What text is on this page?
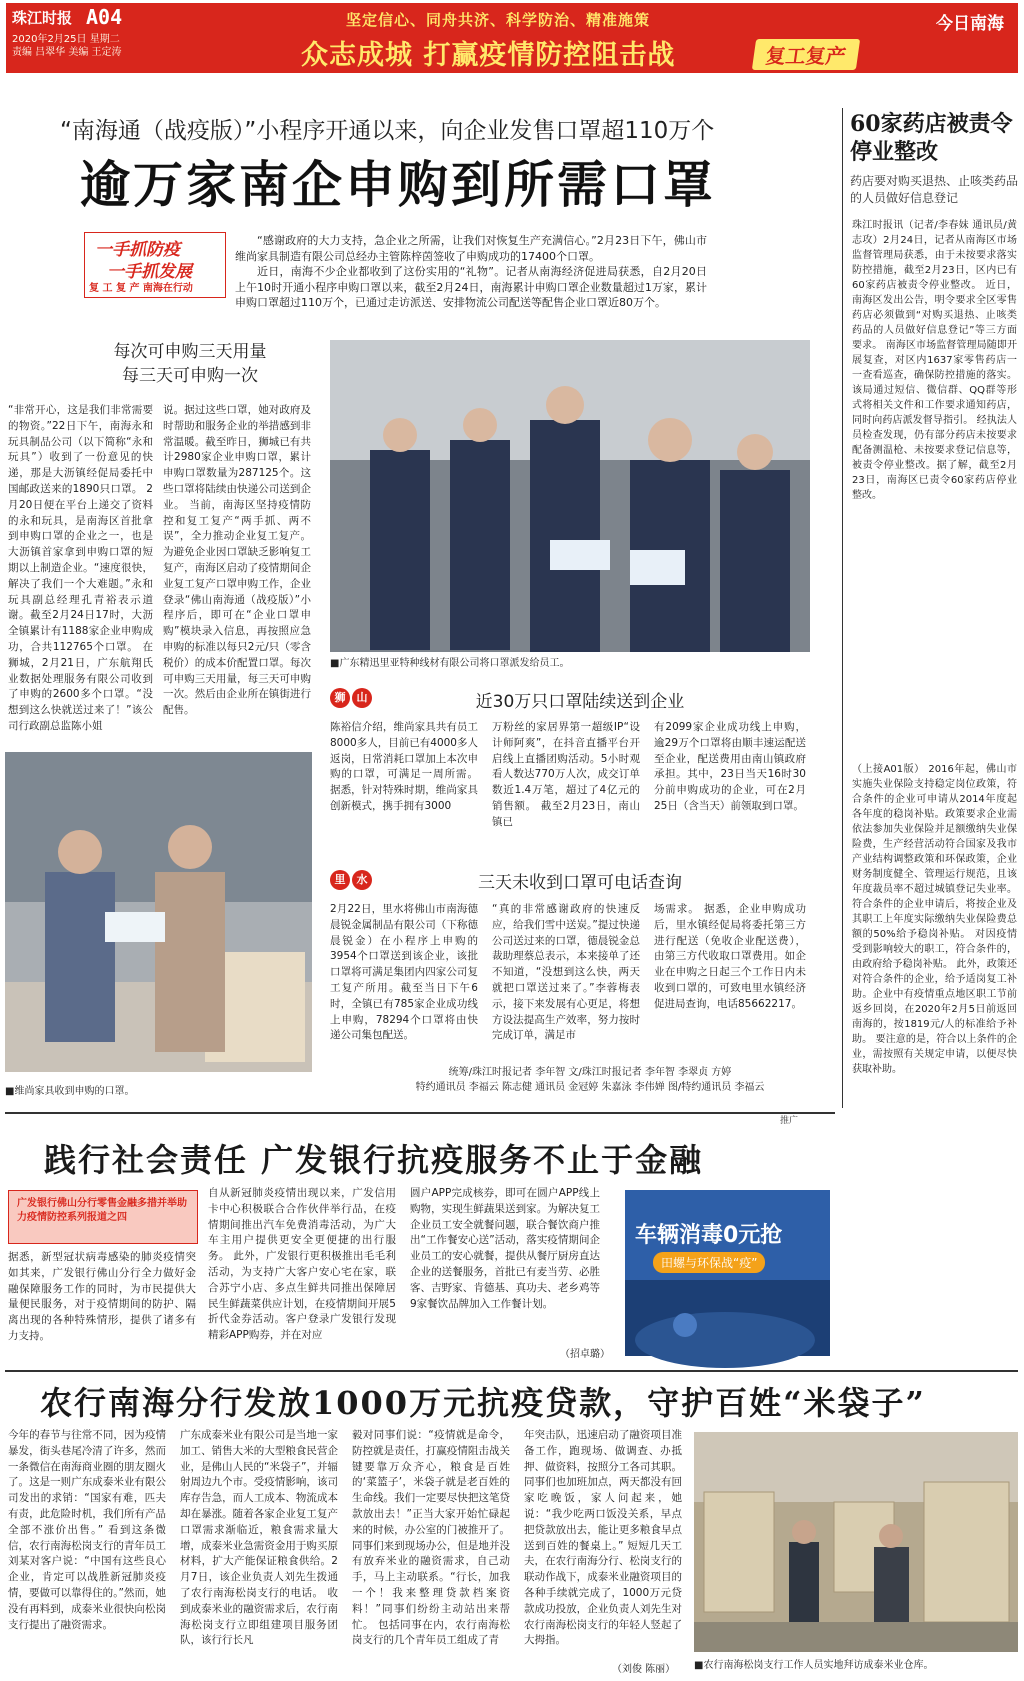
珠江时报 A04
2020年2月25日 星期二
责编 吕翠华 美编 王定涛
坚定信心、同舟共济、科学防治、精准施策
众志成城 打赢疫情防控阻击战	复工复产
今日南海
“南海通（战疫版）”小程序开通以来，向企业发售口罩超110万个
逾万家南企申购到所需口罩
60家药店被责令停业整改
药店要对购买退热、止咳类药品的人员做好信息登记
一手抓防疫
一手抓发展
复 工 复 产 南海在行动
“感谢政府的大力支持，急企业之所需，让我们对恢复生产充满信心。”2月23日下午，佛山市维尚家具制造有限公司总经办主管陈梓茵签收了申购成功的17400个口罩。
近日，南海不少企业都收到了这份实用的“礼物”。记者从南海经济促进局获悉，自2月20日上午10时开通小程序申购口罩以来，截至2月24日，南海累计申购口罩企业数量超过1万家，累计申购口罩超过110万个，已通过走访派送、安排物流公司配送等配售企业口罩近80万个。
每次可申购三天用量
每三天可申购一次
“非常开心，这是我们非常需要的物资。”22日下午，南海永和玩具制品公司（以下简称“永和玩具”）收到了一份意见的快递，那是大沥镇经促局委托中国邮政送来的1890只口罩。 2月20日便在平台上递交了资料的永和玩具，是南海区首批拿到申购口罩的企业之一，也是大沥镇首家拿到申购口罩的短期以上制造企业。“速度很快，解决了我们一个大难题。”永和玩具副总经理孔青裕表示道谢。截至2月24日17时，大沥全镇累计有1188家企业申购成功，合共112765个口罩。 在狮城，2月21日，广东航翔氏业数据处理服务有限公司收到了申购的2600多个口罩。“没想到这么快就送过来了！”该公司行政副总监陈小姐
说。据过这些口罩，她对政府及时帮助和服务企业的举措感到非常温暖。截至昨日，狮城已有共计2980家企业申购口罩，累计申购口罩数量为287125个。这些口罩将陆续由快递公司送到企业。 当前，南海区坚持疫情防控和复工复产“两手抓、两不误”，全力推动企业复工复产。为避免企业因口罩缺乏影响复工复产，南海区启动了疫情期间企业复工复产口罩申购工作，企业登录“佛山南海通（战疫版）”小程序后，即可在“企业口罩申购”模块录入信息，再按照应急申购的标准以每只2元/只（零含税价）的成本价配置口罩。每次可申购三天用量，每三天可申购一次。然后由企业所在镇街进行配售。
■广东精迅里亚特种线材有限公司将口罩派发给员工。
■维尚家具收到申购的口罩。
狮 山	近30万只口罩陆续送到企业
陈裕信介绍，维尚家具共有员工8000多人，目前已有4000多人返岗，日常消耗口罩加上本次申购的口罩，可满足一周所需。 据悉，针对特殊时期，维尚家具创新模式，携手拥有3000
万粉丝的家居界第一超级IP“设计师阿爽”，在抖音直播平台开启线上直播团购活动。5小时观看人数达770万人次，成交订单数近1.4万笔，超过了4亿元的销售额。 截至2月23日，南山镇已
有2099家企业成功线上申购，逾29万个口罩将由顺丰速运配送至企业，配送费用由南山镇政府承担。其中，23日当天16时30分前申购成功的企业，可在2月25日（含当天）前领取到口罩。
里 水	三天未收到口罩可电话查询
2月22日，里水将佛山市南海德晨锐金属制品有限公司（下称德晨锐金）在小程序上申购的3954个口罩送到该企业，该批口罩将可满足集团内四家公司复工复产所用。截至当日下午6时，全镇已有785家企业成功线上申购，78294个口罩将由快递公司集包配送。
“真的非常感谢政府的快速反应，给我们雪中送炭。”提过快递公司送过来的口罩，德晨锐金总裁助理蔡总表示，本来接单了还不知道，“没想到这么快，两天就把口罩送过来了。”李蓉梅表示，接下来发展有心更足，将想方设法提高生产效率，努力按时完成订单，满足市
场需求。 据悉，企业申购成功后，里水镇经促局将委托第三方进行配送（免收企业配送费），由第三方代收取口罩费用。如企业在申购之日起三个工作日内未收到口罩的，可致电里水镇经济促进局查询，电话85662217。
统筹/珠江时报记者 李年智 文/珠江时报记者 李年智 李翠贞 方婷
特约通讯员 李福云 陈志健 通讯员 金冠婷 朱嘉泳 李伟婵 图/特约通讯员 李福云
珠江时报讯（记者/李春妹 通讯员/黄志攻）2月24日，记者从南海区市场监督管理局获悉，由于未按要求落实防控措施，截至2月23日，区内已有60家药店被责令停业整改。 近日，南海区发出公告，明令要求全区零售药店必须做到“对购买退热、止咳类药品的人员做好信息登记”等三方面要求。 南海区市场监督管理局随即开展复查，对区内1637家零售药店一一查看巡查，确保防控措施的落实。该局通过短信、微信群、QQ群等形式将相关文件和工作要求通知药店，同时向药店派发督导指引。 经执法人员检查发现，仍有部分药店未按要求配备测温枪、未按要求登记信息等，被责令停业整改。据了解，截至2月23日，南海区已责令60家药店停业整改。
（上接A01版） 2016年起，佛山市实施失业保险支持稳定岗位政策，符合条件的企业可申请从2014年度起各年度的稳岗补贴。政策要求企业需依法参加失业保险并足额缴纳失业保险费，生产经营活动符合国家及我市产业结构调整政策和环保政策，企业财务制度健全、管理运行规范，且该年度裁员率不超过城镇登记失业率。符合条件的企业申请后，将按企业及其职工上年度实际缴纳失业保险费总额的50%给予稳岗补贴。 对因疫情受到影响较大的职工，符合条件的，由政府给予稳岗补贴。 此外，政策还对符合条件的企业，给予适岗复工补助。企业中有疫情重点地区职工节前返乡回岗，在2020年2月5日前返回南海的，按1819元/人的标准给予补助。 要注意的是，符合以上条件的企业，需按照有关规定申请，以便尽快获取补助。
推广
践行社会责任 广发银行抗疫服务不止于金融
广发银行佛山分行零售金融多措并举助力疫情防控系列报道之四
据悉，新型冠状病毒感染的肺炎疫情突如其来，广发银行佛山分行全力做好金融保障服务工作的同时，为市民提供大量便民服务，对于疫情期间的防护、隔离出现的各种特殊情形，提供了诸多有力支持。
自从新冠肺炎疫情出现以来，广发信用卡中心积极联合合作伙伴举行品，在疫情期间推出汽车免费消毒活动，为广大车主用户提供更安全更便捷的出行服务。 此外，广发银行更积极推出毛毛利活动，为支持广大客户安心宅在家，联合苏宁小店、多点生鲜共同推出保障居民生鲜蔬菜供应计划，在疫情期间开展5折代金券活动。客户登录广发银行发现精彩APP购券，并在对应
圆户APP完成核券，即可在圆户APP线上购物，实现生鲜蔬果送到家。为解决复工企业员工安全就餐问题，联合餐饮商户推出“工作餐安心送”活动，落实疫情期间企业员工的安心就餐，提供从餐厅厨房直达企业的送餐服务，首批已有麦当劳、必胜客、吉野家、肯德基、真功夫、老乡鸡等9家餐饮品牌加入工作餐计划。
（招卓璐）
车辆消毒0元抢
田螺与环保战“疫”
农行南海分行发放1000万元抗疫贷款，守护百姓“米袋子”
今年的春节与往常不同，因为疫情暴发，街头巷尾冷清了许多，然而一条微信在南海商业圈的朋友圈火了。这是一则广东成泰米业有限公司发出的求销：“国家有难，匹夫有责，此危险时机，我们所有产品全部不涨价出售。” 看到这条微信，农行南海松岗支行的青年员工刘某对客户说：“中国有这些良心企业，肯定可以战胜新冠肺炎疫情，要做可以靠得住的。”然而，她没有再料到，成泰米业很快向松岗支行提出了融资需求。
广东成泰米业有限公司是当地一家加工、销售大米的大型粮食民营企业，是佛山人民的“米袋子”，并辐射周边九个市。受疫情影响，该司库存告急，而人工成本、物流成本却在暴涨。随着各家企业复工复产口罩需求渐临近，粮食需求量大增，成泰米业急需资金用于购买原材料，扩大产能保证粮食供给。2月7日，该企业负责人刘先生拨通了农行南海松岗支行的电话。 收到成泰米业的融资需求后，农行南海松岗支行立即组建项目服务团队，该行行长凡
毅对同事们说：“疫情就是命令，防控就是责任，打赢疫情阻击战关键要靠万众齐心，粮食是百姓的‘菜篮子’，米袋子就是老百姓的生命线。我们一定要尽快把这笔贷款放出去！”正当大家开始忙碌起来的时候，办公室的门被推开了。同事们来到现场办公，但是地并没有放弃米业的融资需求，自己动手，马上主动联系。“行长，加我一个！我来整理贷款档案资料！”同事们纷纷主动站出来帮忙。 包括同事在内，农行南海松岗支行的几个青年员工组成了青
年突击队，迅速启动了融资项目准备工作，跑现场、做调查、办抵押、做资料，按照分工各司其职。同事们也加班加点，两天都没有回家吃晚饭，家人问起来，她说：“我少吃两口饭没关系，早点把贷款放出去，能让更多粮食早点送到百姓的餐桌上。” 短短几天工夫，在农行南海分行、松岗支行的联动作战下，成泰米业融资项目的各种手续就完成了，1000万元贷款成功投放，企业负责人刘先生对农行南海松岗支行的年轻人竖起了大拇指。
（刘俊 陈丽） ■农行南海松岗支行工作人员实地拜访成泰米业仓库。
